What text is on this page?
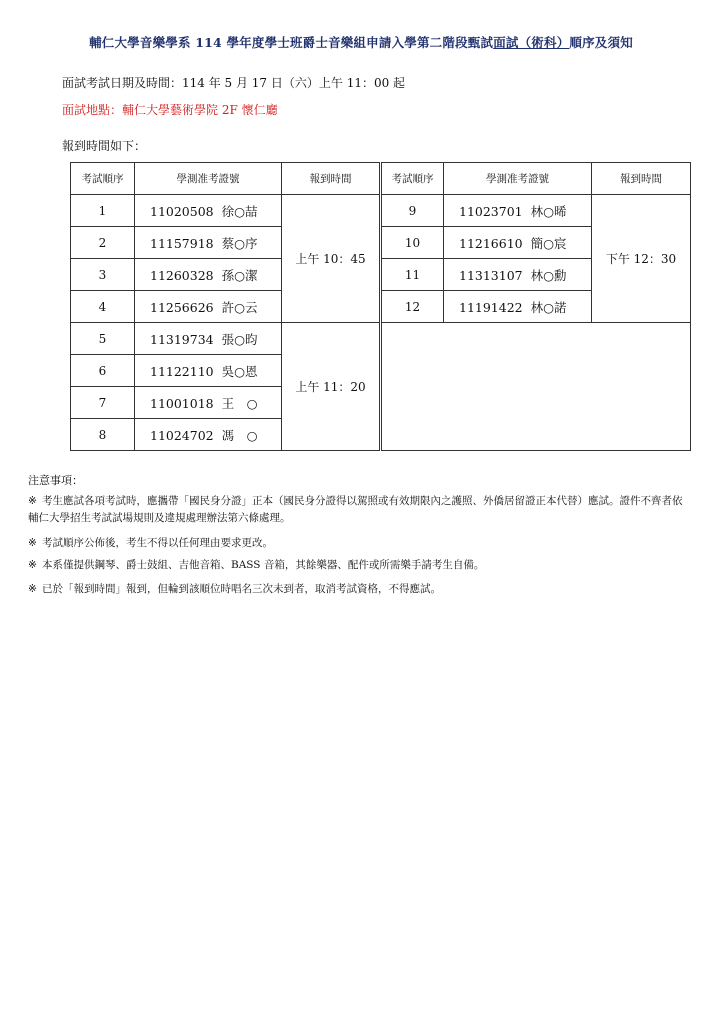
輔仁大學音樂學系 114 學年度學士班爵士音樂組申請入學第二階段甄試面試（術科）順序及須知
面試考試日期及時間：114 年 5 月 17 日（六）上午 11：00 起
面試地點：輔仁大學藝術學院 2F 懷仁廳
報到時間如下：
考試順序	學測准考證號	報到時間	考試順序	學測准考證號	報到時間
1	11020508 徐○喆	上午 10：45	9	11023701 林○晞	下午 12：30
2	11157918 蔡○序		10	11216610 簡○宸	
3	11260328 孫○潔		11	11313107 林○勳	
4	11256626 許○云		12	11191422 林○諾	
5	11319734 張○昀	上午 11：20			
6	11122110 吳○恩				
7	11001018 王　○				
8	11024702 馮　○				
注意事項：
※ 考生應試各項考試時，應攜帶「國民身分證」正本（國民身分證得以駕照或有效期限內之護照、外僑居留證正本代替）應試。證件不齊者依輔仁大學招生考試試場規則及違規處理辦法第六條處理。
※ 考試順序公佈後，考生不得以任何理由要求更改。
※ 本系僅提供鋼琴、爵士鼓組、吉他音箱、BASS 音箱，其餘樂器、配件或所需樂手請考生自備。
※ 已於「報到時間」報到，但輪到該順位時唱名三次未到者，取消考試資格，不得應試。
